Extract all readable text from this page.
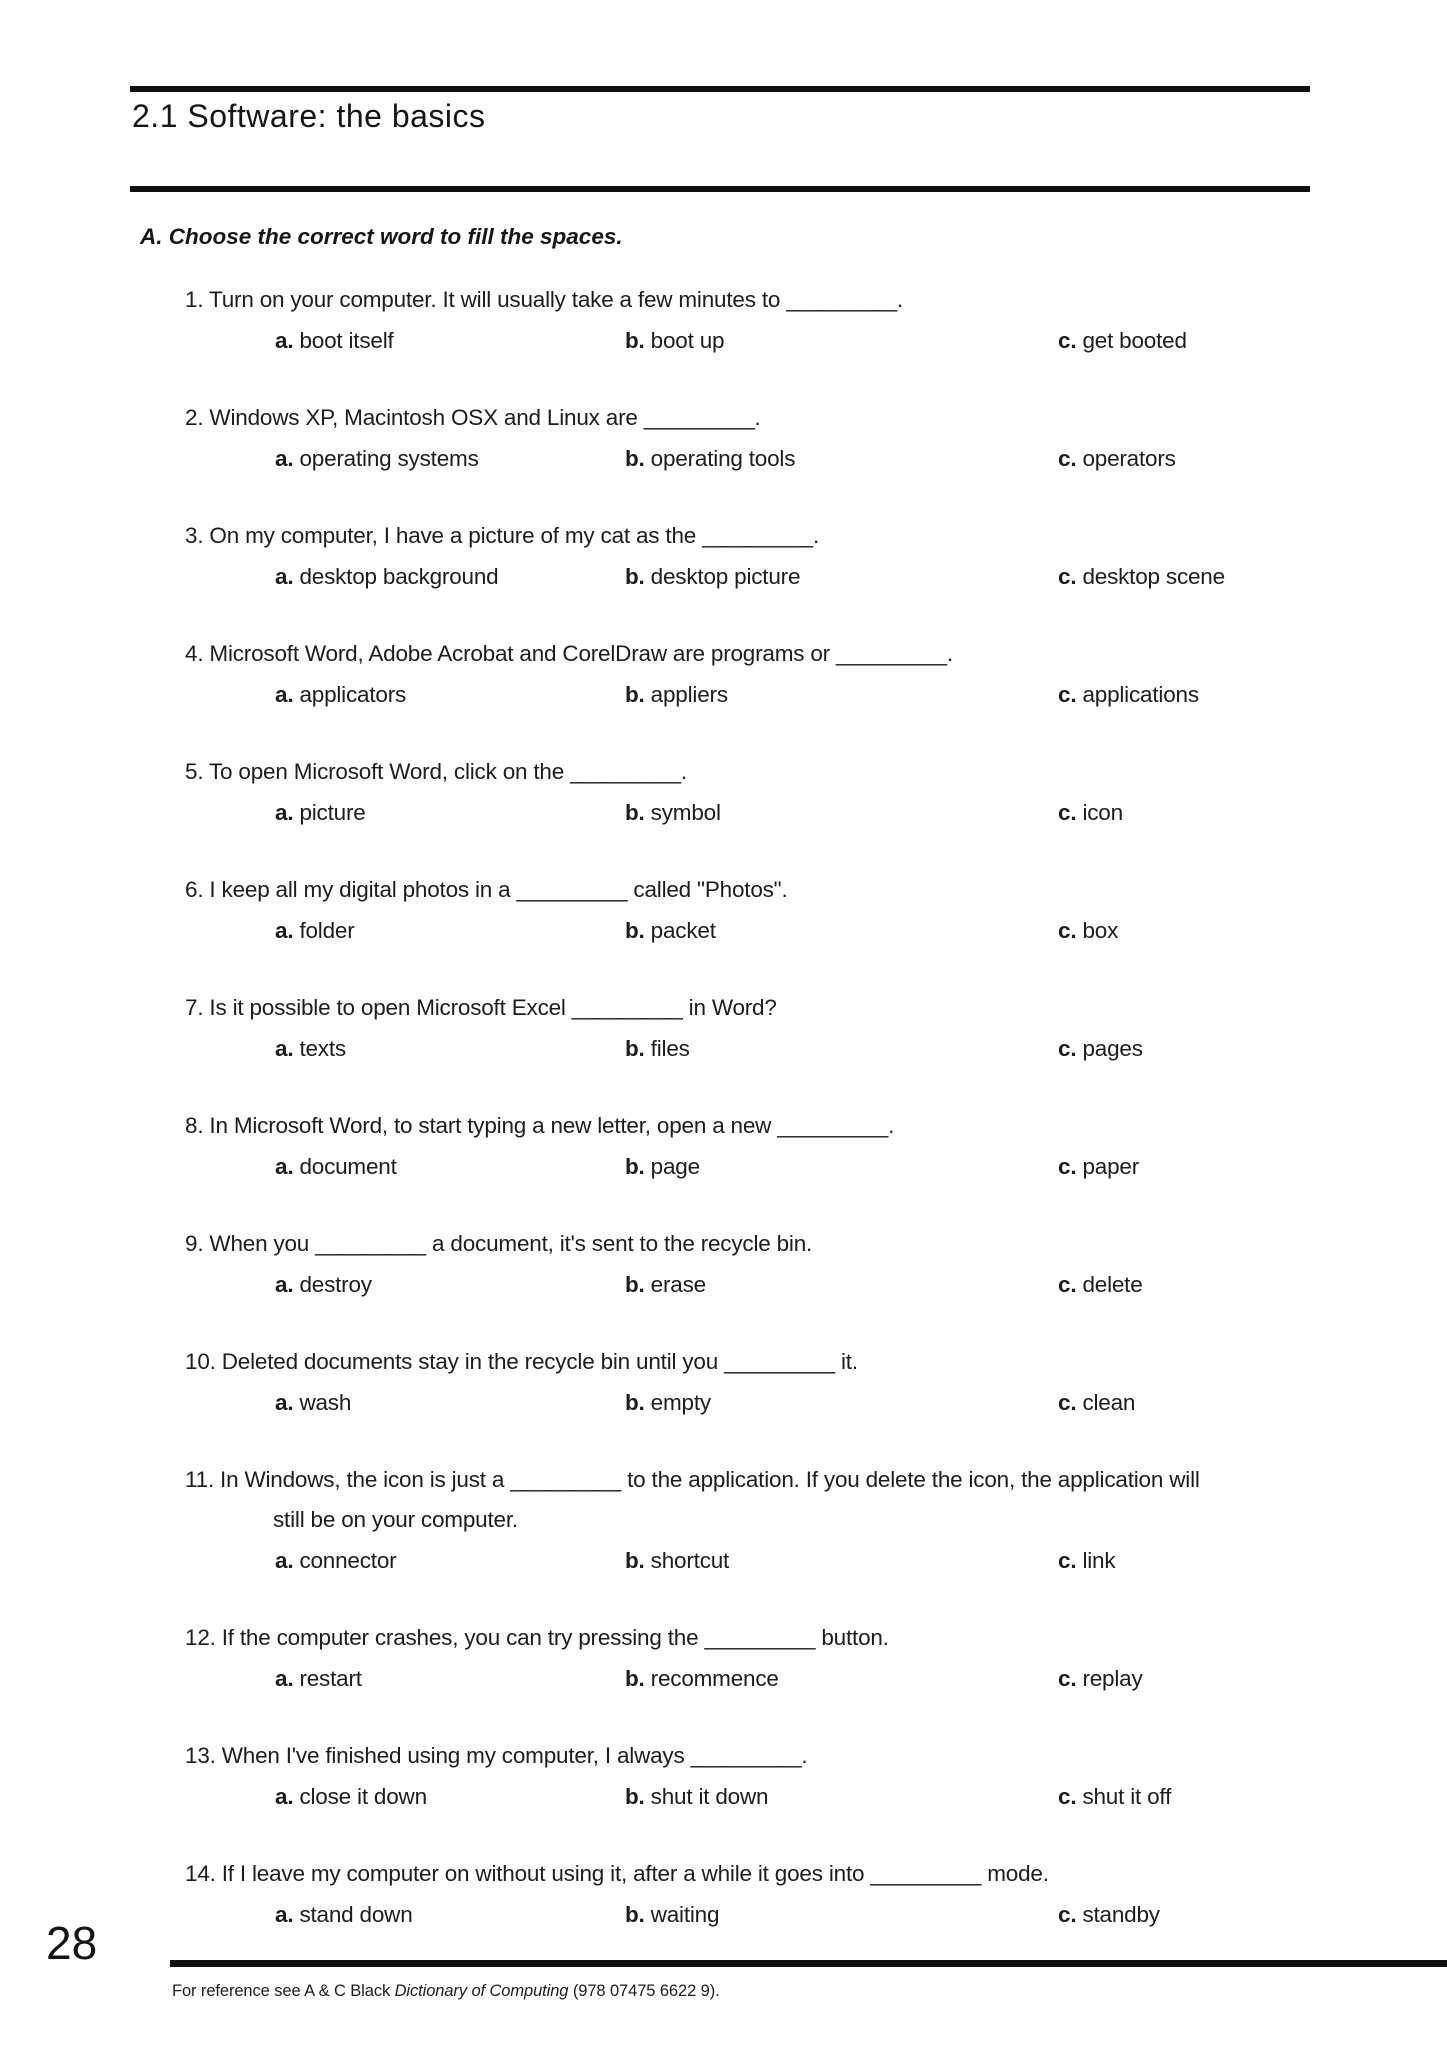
2.1 Software: the basics
A. Choose the correct word to fill the spaces.
1. Turn on your computer. It will usually take a few minutes to _________.
a. boot itself	b. boot up	c. get booted
2. Windows XP, Macintosh OSX and Linux are _________.
a. operating systems	b. operating tools	c. operators
3. On my computer, I have a picture of my cat as the _________.
a. desktop background	b. desktop picture	c. desktop scene
4. Microsoft Word, Adobe Acrobat and CorelDraw are programs or _________.
a. applicators	b. appliers	c. applications
5. To open Microsoft Word, click on the _________.
a. picture	b. symbol	c. icon
6. I keep all my digital photos in a _________ called "Photos".
a. folder	b. packet	c. box
7. Is it possible to open Microsoft Excel _________ in Word?
a. texts	b. files	c. pages
8. In Microsoft Word, to start typing a new letter, open a new _________.
a. document	b. page	c. paper
9. When you _________ a document, it's sent to the recycle bin.
a. destroy	b. erase	c. delete
10. Deleted documents stay in the recycle bin until you _________ it.
a. wash	b. empty	c. clean
11. In Windows, the icon is just a _________ to the application. If you delete the icon, the application will
still be on your computer.
a. connector	b. shortcut	c. link
12. If the computer crashes, you can try pressing the _________ button.
a. restart	b. recommence	c. replay
13. When I've finished using my computer, I always _________.
a. close it down	b. shut it down	c. shut it off
14. If I leave my computer on without using it, after a while it goes into _________ mode.
a. stand down	b. waiting	c. standby
28

For reference see A & C Black Dictionary of Computing (978 07475 6622 9).
